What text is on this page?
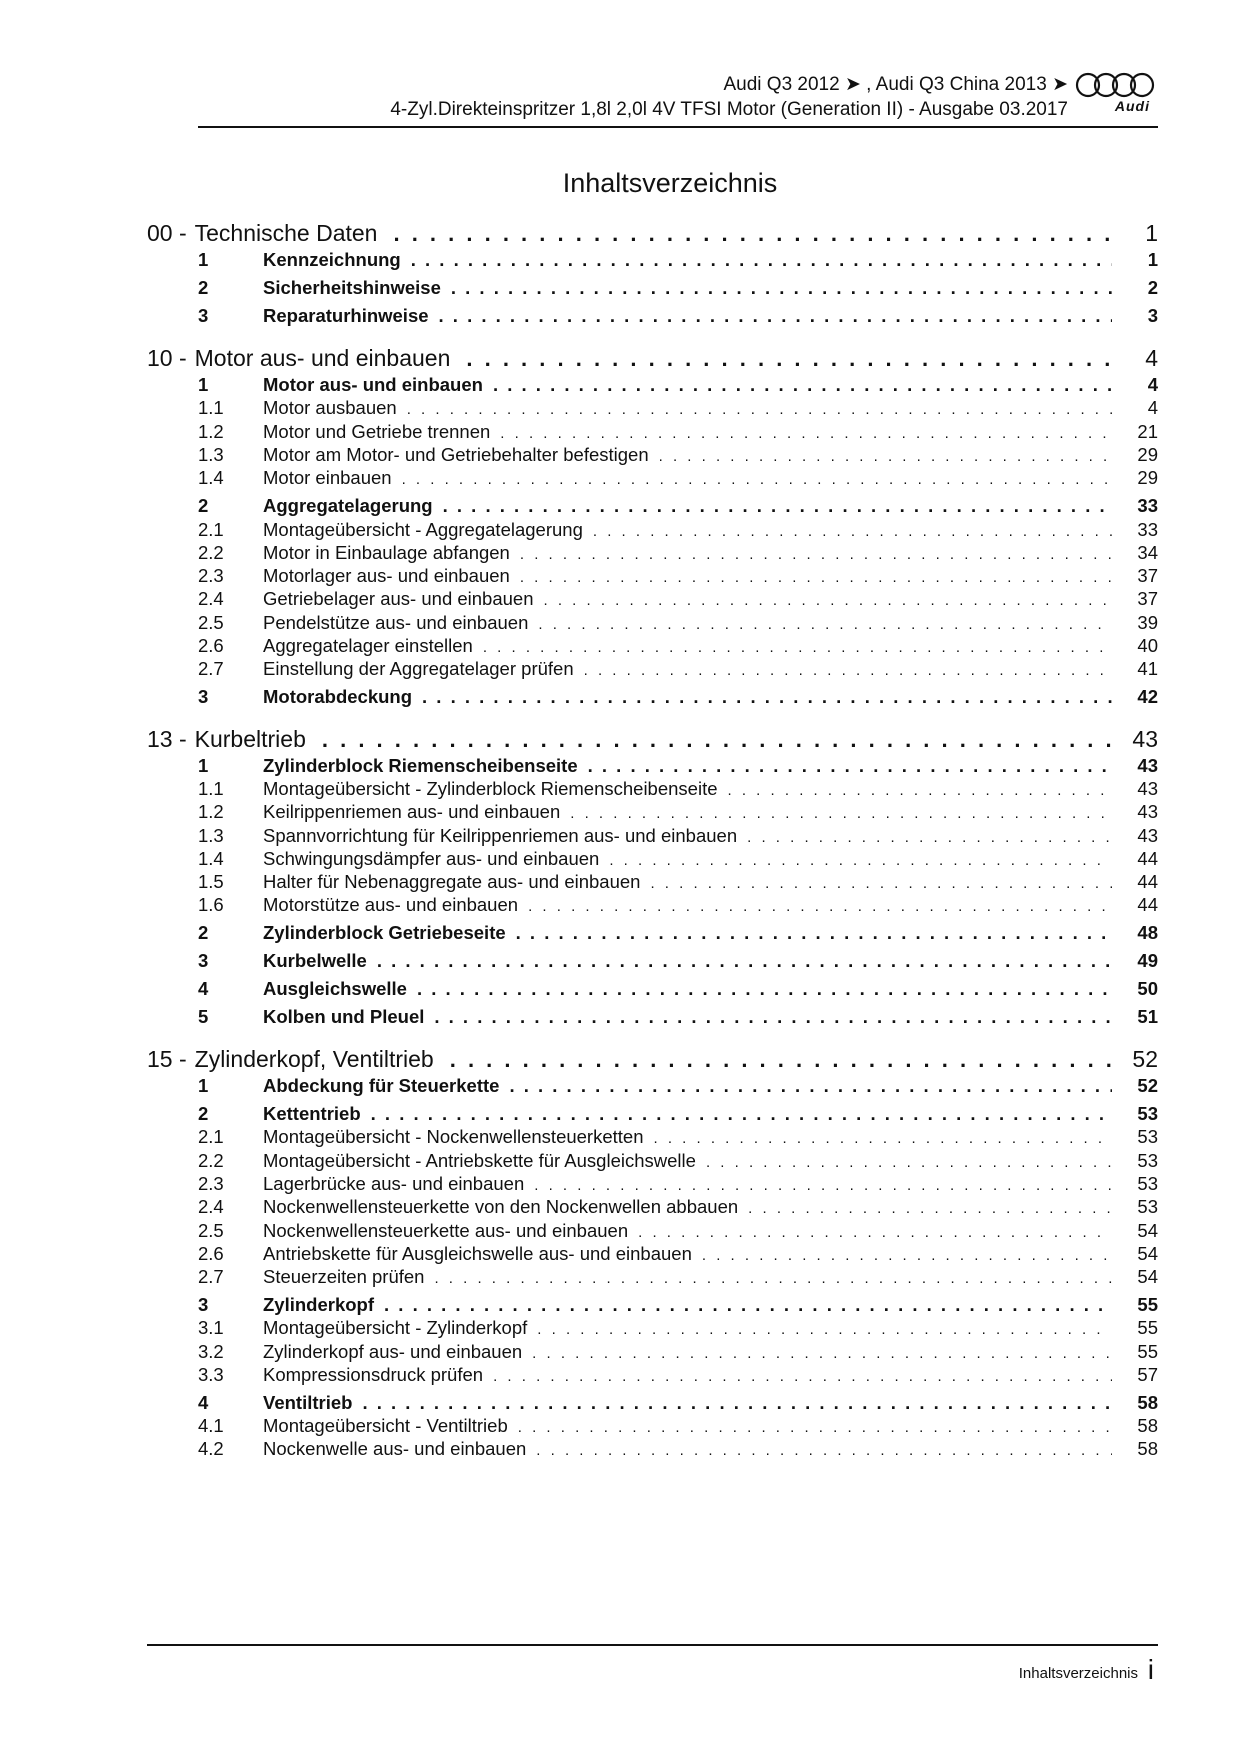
Audi Q3 2012 ➤ , Audi Q3 China 2013 ➤
4-Zyl.Direkteinspritzer 1,8l 2,0l 4V TFSI Motor (Generation II) - Ausgabe 03.2017	Audi
Inhaltsverzeichnis
00 - Technische Daten . . .	1
1	Kennzeichnung . . .	1
2	Sicherheitshinweise . . .	2
3	Reparaturhinweise . . .	3
10 - Motor aus- und einbauen . . .	4
1	Motor aus- und einbauen . . .	4
1.1	Motor ausbauen . . .	4
1.2	Motor und Getriebe trennen . . .	21
1.3	Motor am Motor- und Getriebehalter befestigen . . .	29
1.4	Motor einbauen . . .	29
2	Aggregatelagerung . . .	33
2.1	Montageübersicht - Aggregatelagerung . . .	33
2.2	Motor in Einbaulage abfangen . . .	34
2.3	Motorlager aus- und einbauen . . .	37
2.4	Getriebelager aus- und einbauen . . .	37
2.5	Pendelstütze aus- und einbauen . . .	39
2.6	Aggregatelager einstellen . . .	40
2.7	Einstellung der Aggregatelager prüfen . . .	41
3	Motorabdeckung . . .	42
13 - Kurbeltrieb . . .	43
1	Zylinderblock Riemenscheibenseite . . .	43
1.1	Montageübersicht - Zylinderblock Riemenscheibenseite . . .	43
1.2	Keilrippenriemen aus- und einbauen . . .	43
1.3	Spannvorrichtung für Keilrippenriemen aus- und einbauen . . .	43
1.4	Schwingungsdämpfer aus- und einbauen . . .	44
1.5	Halter für Nebenaggregate aus- und einbauen . . .	44
1.6	Motorstütze aus- und einbauen . . .	44
2	Zylinderblock Getriebeseite . . .	48
3	Kurbelwelle . . .	49
4	Ausgleichswelle . . .	50
5	Kolben und Pleuel . . .	51
15 - Zylinderkopf, Ventiltrieb . . .	52
1	Abdeckung für Steuerkette . . .	52
2	Kettentrieb . . .	53
2.1	Montageübersicht - Nockenwellensteuerketten . . .	53
2.2	Montageübersicht - Antriebskette für Ausgleichswelle . . .	53
2.3	Lagerbrücke aus- und einbauen . . .	53
2.4	Nockenwellensteuerkette von den Nockenwellen abbauen . . .	53
2.5	Nockenwellensteuerkette aus- und einbauen . . .	54
2.6	Antriebskette für Ausgleichswelle aus- und einbauen . . .	54
2.7	Steuerzeiten prüfen . . .	54
3	Zylinderkopf . . .	55
3.1	Montageübersicht - Zylinderkopf . . .	55
3.2	Zylinderkopf aus- und einbauen . . .	55
3.3	Kompressionsdruck prüfen . . .	57
4	Ventiltrieb . . .	58
4.1	Montageübersicht - Ventiltrieb . . .	58
4.2	Nockenwelle aus- und einbauen . . .	58
Inhaltsverzeichnis i
